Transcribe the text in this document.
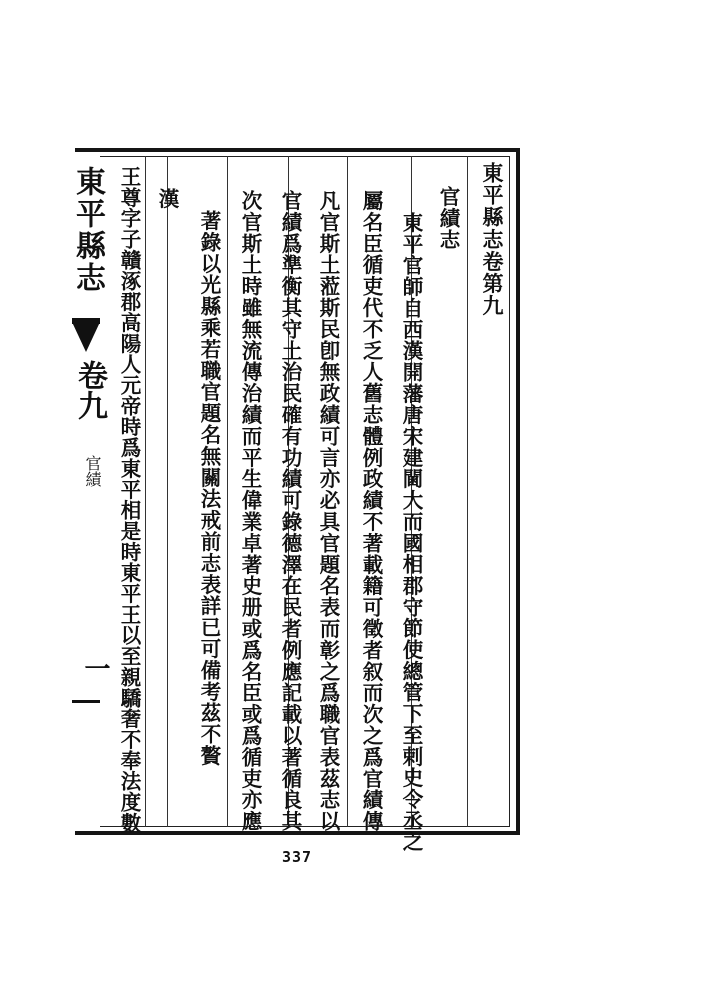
東平縣志
卷九
官績
一
東平縣志卷第九
官績志
東平官師自西漢開藩唐宋建閫大而國相郡守節使總管下至剌史令丞之
屬名臣循吏代不乏人舊志體例政績不著載籍可徵者叙而次之爲官績傳
凡官斯土蒞斯民卽無政績可言亦必具官題名表而彰之爲職官表茲志以
官績爲準衡其守土治民確有功績可錄德澤在民者例應記載以著循良其
次官斯土時雖無流傳治績而平生偉業卓著史册或爲名臣或爲循吏亦應
著錄以光縣乘若職官題名無關法戒前志表詳已可備考茲不贅
漢
王尊字子贛涿郡高陽人元帝時爲東平相是時東平王以至親驕奢不奉法度數
337
